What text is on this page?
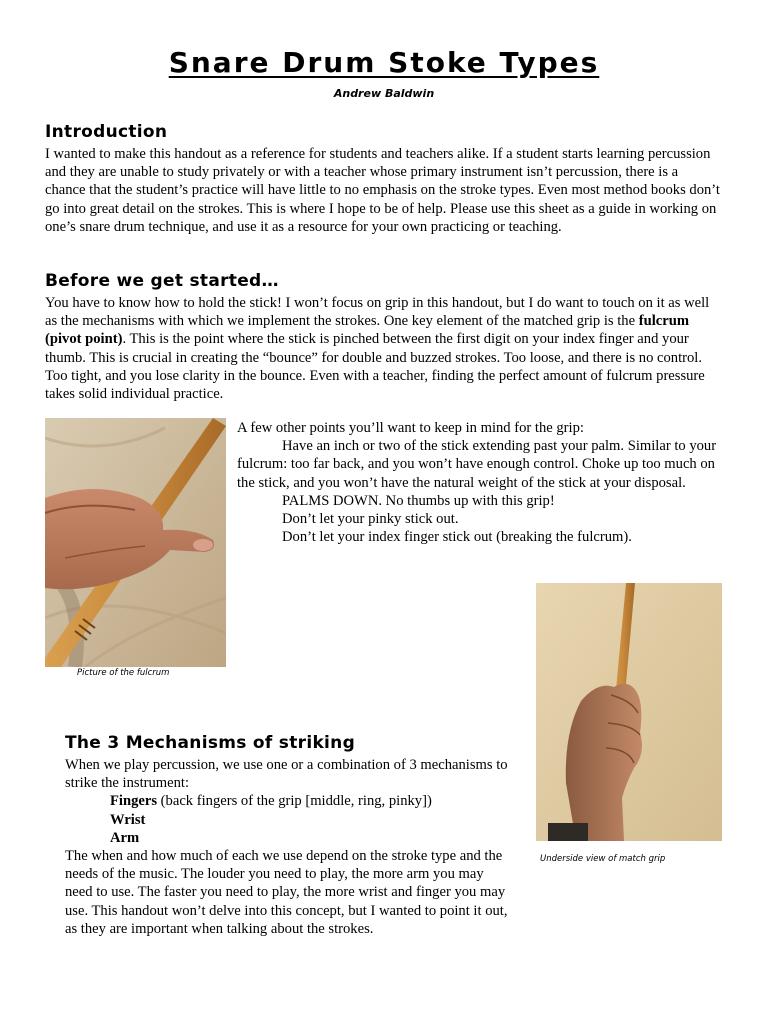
Snare Drum Stoke Types
Andrew Baldwin
Introduction
I wanted to make this handout as a reference for students and teachers alike. If a student starts learning percussion and they are unable to study privately or with a teacher whose primary instrument isn’t percussion, there is a chance that the student’s practice will have little to no emphasis on the stroke types. Even most method books don’t go into great detail on the strokes. This is where I hope to be of help. Please use this sheet as a guide in working on one’s snare drum technique, and use it as a resource for your own practicing or teaching.
Before we get started…
You have to know how to hold the stick! I won’t focus on grip in this handout, but I do want to touch on it as well as the mechanisms with which we implement the strokes. One key element of the matched grip is the fulcrum (pivot point). This is the point where the stick is pinched between the first digit on your index finger and your thumb. This is crucial in creating the “bounce” for double and buzzed strokes. Too loose, and there is no control. Too tight, and you lose clarity in the bounce. Even with a teacher, finding the perfect amount of fulcrum pressure takes solid individual practice.
Picture of the fulcrum

A few other points you’ll want to keep in mind for the grip:

Have an inch or two of the stick extending past your palm. Similar to your fulcrum: too far back, and you won’t have enough control. Choke up too much on the stick, and you won’t have the natural weight of the stick at your disposal.

PALMS DOWN. No thumbs up with this grip!

Don’t let your pinky stick out.

Don’t let your index finger stick out (breaking the fulcrum).

Underside view of match grip
The 3 Mechanisms of striking

When we play percussion, we use one or a combination of 3 mechanisms to strike the instrument:

Fingers (back fingers of the grip [middle, ring, pinky])

Wrist

Arm

The when and how much of each we use depend on the stroke type and the needs of the music. The louder you need to play, the more arm you may need to use. The faster you need to play, the more wrist and finger you may use. This handout won’t delve into this concept, but I wanted to point it out, as they are important when talking about the strokes.
